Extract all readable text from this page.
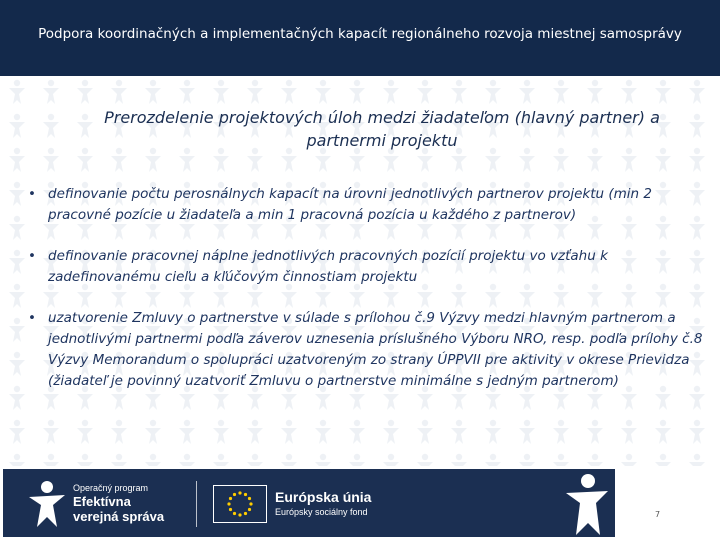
Podpora koordinačných a implementačných kapacít regionálneho rozvoja miestnej samosprávy
Prerozdelenie projektových úloh medzi žiadateľom (hlavný partner) a partnermi projektu
• definovanie počtu perosnálnych kapacít na úrovni jednotlivých partnerov projektu (min 2 pracovné pozície u žiadateľa a min 1 pracovná pozícia u každého z partnerov)
• definovanie pracovnej náplne jednotlivých pracovných pozícií projektu vo vzťahu k zadefinovanému cieľu a kľúčovým činnostiam projektu
• uzatvorenie Zmluvy o partnerstve v súlade s prílohou č.9 Výzvy medzi hlavným partnerom a jednotlivými partnermi podľa záverov uznesenia príslušného Výboru NRO, resp. podľa prílohy č.8 Výzvy Memorandum o spolupráci uzatvoreným zo strany ÚPPVII pre aktivity v okrese Prievidza (žiadateľ je povinný uzatvoriť Zmluvu o partnerstve minimálne s jedným partnerom)
Operačný program
Efektívna
verejná správa
Európska únia
Európsky sociálny fond	7
